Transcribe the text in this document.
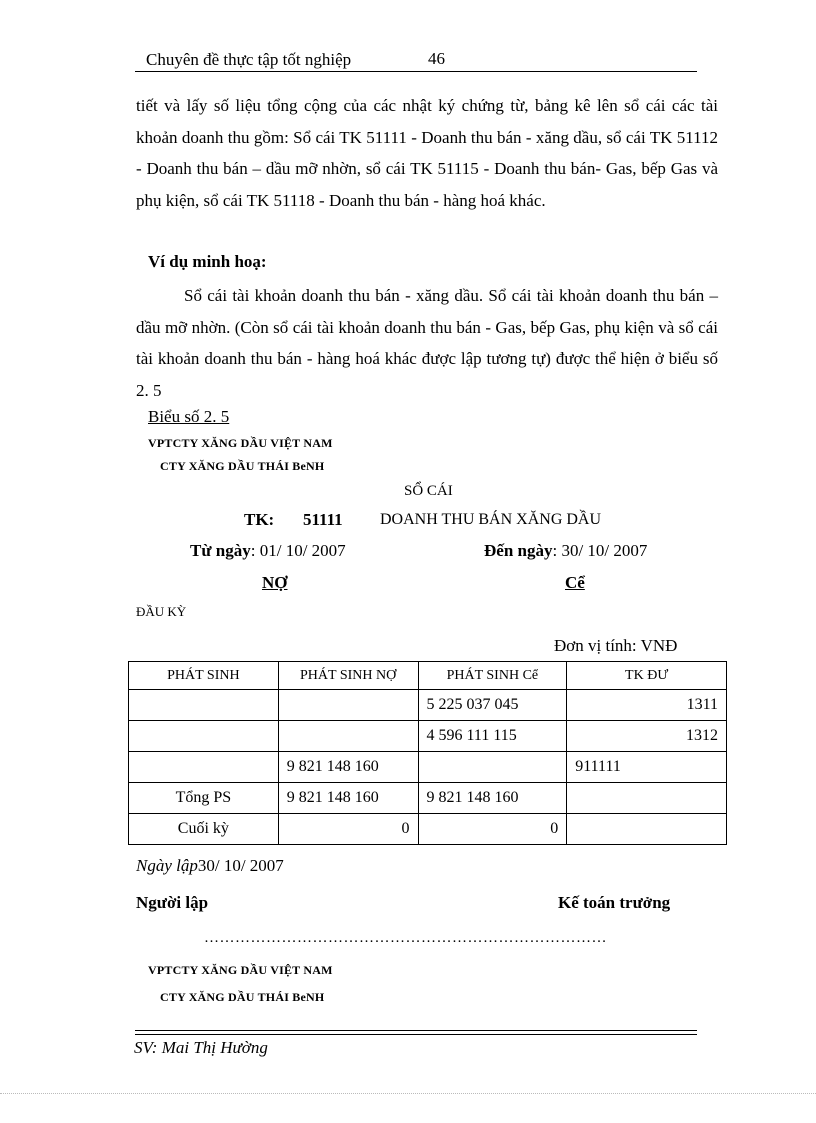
Chuyên đề thực tập tốt nghiệp	46

tiết và lấy số liệu tổng cộng của các nhật ký chứng từ, bảng kê lên sổ cái các tài khoản doanh thu gồm: Sổ cái TK 51111 - Doanh thu bán - xăng dầu, sổ cái TK 51112 - Doanh thu bán – dầu mỡ nhờn, sổ cái TK 51115 - Doanh thu bán- Gas, bếp Gas và phụ kiện, sổ cái TK 51118 - Doanh thu bán - hàng hoá khác.

Ví dụ minh hoạ:

Sổ cái tài khoản doanh thu bán - xăng dầu. Sổ cái tài khoản doanh thu bán – dầu mỡ nhờn. (Còn sổ cái tài khoản doanh thu bán - Gas, bếp Gas, phụ kiện và sổ cái tài khoản doanh thu bán - hàng hoá khác được lập tương tự) được thể hiện ở biểu số 2. 5

Biểu số 2. 5
VPTCTY XĂNG DẦU VIỆT NAM
CTY XĂNG DẦU THÁI BeNH
SỔ CÁI
TK: 51111 DOANH THU BÁN XĂNG DẦU
Từ ngày: 01/ 10/ 2007	Đến ngày: 30/ 10/ 2007
NỢ	Cể
ĐẦU KỲ
Đơn vị tính: VNĐ
PHÁT SINH	PHÁT SINH NỢ	PHÁT SINH Cể	TK ĐƯ
		5 225 037 045	1311
		4 596 111 115	1312
	9 821 148 160		911111
Tổng PS	9 821 148 160	9 821 148 160	
Cuối kỳ	0	0	
Ngày lập30/ 10/ 2007
Người lập	Kế toán trưởng
……………………………………………………………………
VPTCTY XĂNG DẦU VIỆT NAM
CTY XĂNG DẦU THÁI BeNH
SV: Mai Thị Hường
